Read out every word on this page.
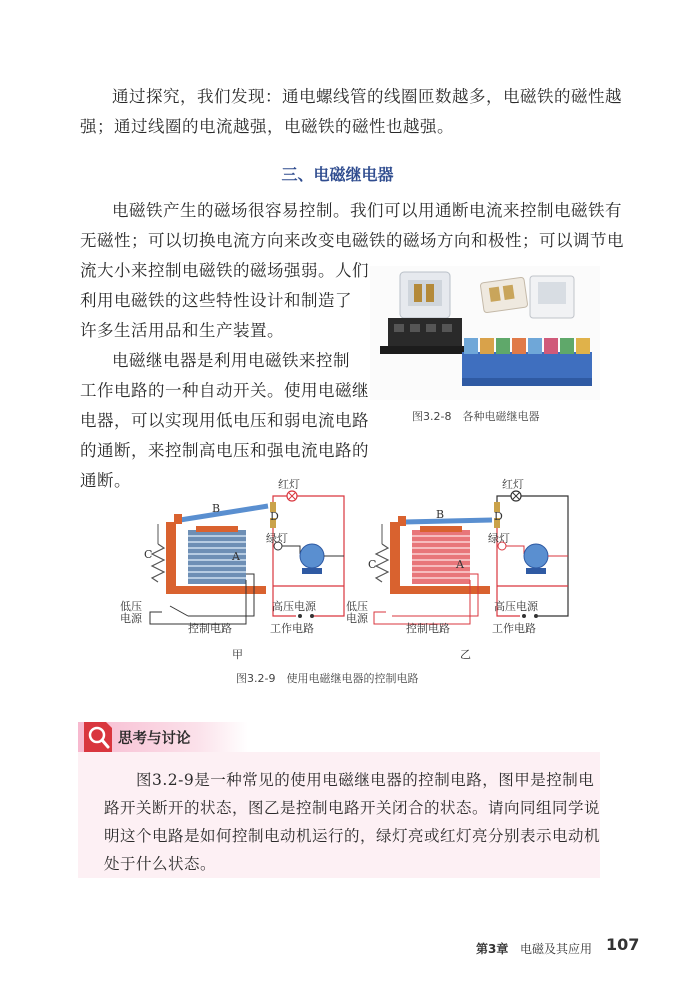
通过探究，我们发现：通电螺线管的线圈匝数越多，电磁铁的磁性越
强；通过线圈的电流越强，电磁铁的磁性也越强。
三、电磁继电器
电磁铁产生的磁场很容易控制。我们可以用通断电流来控制电磁铁有
无磁性；可以切换电流方向来改变电磁铁的磁场方向和极性；可以调节电
流大小来控制电磁铁的磁场强弱。人们
利用电磁铁的这些特性设计和制造了
许多生活用品和生产装置。
电磁继电器是利用电磁铁来控制
工作电路的一种自动开关。使用电磁继
电器，可以实现用低电压和弱电流电路
的通断，来控制高电压和强电流电路的
通断。
图3.2-8　各种电磁继电器
红灯
B
D
绿灯
C	A
低压
电源
高压电源
控制电路	工作电路
甲
红灯
B	D
绿灯
C	A
低压
电源
高压电源
控制电路	工作电路
乙
图3.2-9　使用电磁继电器的控制电路
思考与讨论
图3.2-9是一种常见的使用电磁继电器的控制电路，图甲是控制电
路开关断开的状态，图乙是控制电路开关闭合的状态。请向同组同学说
明这个电路是如何控制电动机运行的，绿灯亮或红灯亮分别表示电动机
处于什么状态。
第3章 电磁及其应用 107
